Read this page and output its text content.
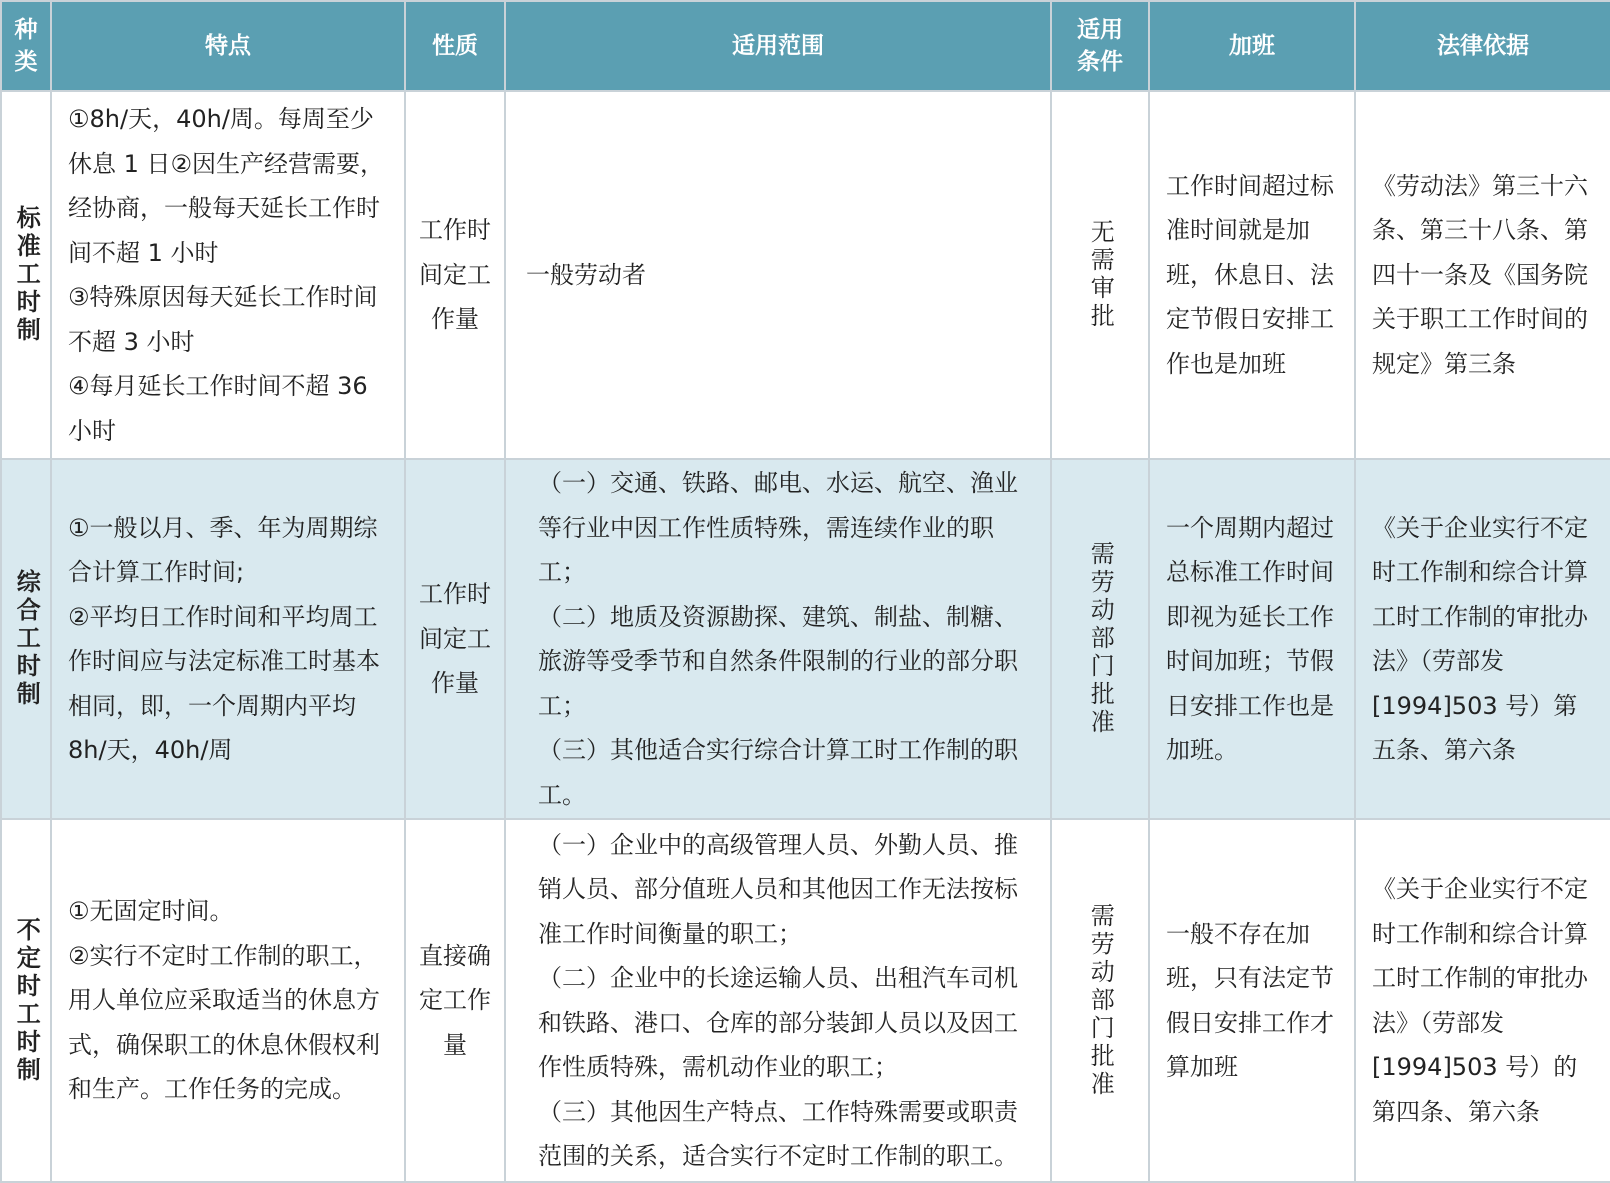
种类	特点	性质	适用范围	适用条件	加班	法律依据
标准工时制	①8h/天，40h/周。每周至少休息 1 日②因生产经营需要，经协商，一般每天延长工作时间不超 1 小时
③特殊原因每天延长工作时间不超 3 小时
④每月延长工作时间不超 36 小时	工作时间定工作量	一般劳动者	无需审批	工作时间超过标准时间就是加班，休息日、法定节假日安排工作也是加班	《劳动法》第三十六条、第三十八条、第四十一条及《国务院关于职工工作时间的规定》第三条
综合工时制	①一般以月、季、年为周期综合计算工作时间;
②平均日工作时间和平均周工作时间应与法定标准工时基本相同，即，一个周期内平均 8h/天，40h/周	工作时间定工作量	（一）交通、铁路、邮电、水运、航空、渔业等行业中因工作性质特殊，需连续作业的职工；
（二）地质及资源勘探、建筑、制盐、制糖、旅游等受季节和自然条件限制的行业的部分职工；
（三）其他适合实行综合计算工时工作制的职工。	需劳动部门批准	一个周期内超过总标准工作时间即视为延长工作时间加班；节假日安排工作也是加班。	《关于企业实行不定时工作制和综合计算工时工作制的审批办法》（劳部发[1994]503 号）第五条、第六条
不定时工时制	①无固定时间。
②实行不定时工作制的职工，用人单位应采取适当的休息方式，确保职工的休息休假权利和生产。工作任务的完成。	直接确定工作量	（一）企业中的高级管理人员、外勤人员、推销人员、部分值班人员和其他因工作无法按标准工作时间衡量的职工；
（二）企业中的长途运输人员、出租汽车司机和铁路、港口、仓库的部分装卸人员以及因工作性质特殊，需机动作业的职工；
（三）其他因生产特点、工作特殊需要或职责范围的关系，适合实行不定时工作制的职工。	需劳动部门批准	一般不存在加班，只有法定节假日安排工作才算加班	《关于企业实行不定时工作制和综合计算工时工作制的审批办法》（劳部发[1994]503 号）的第四条、第六条
